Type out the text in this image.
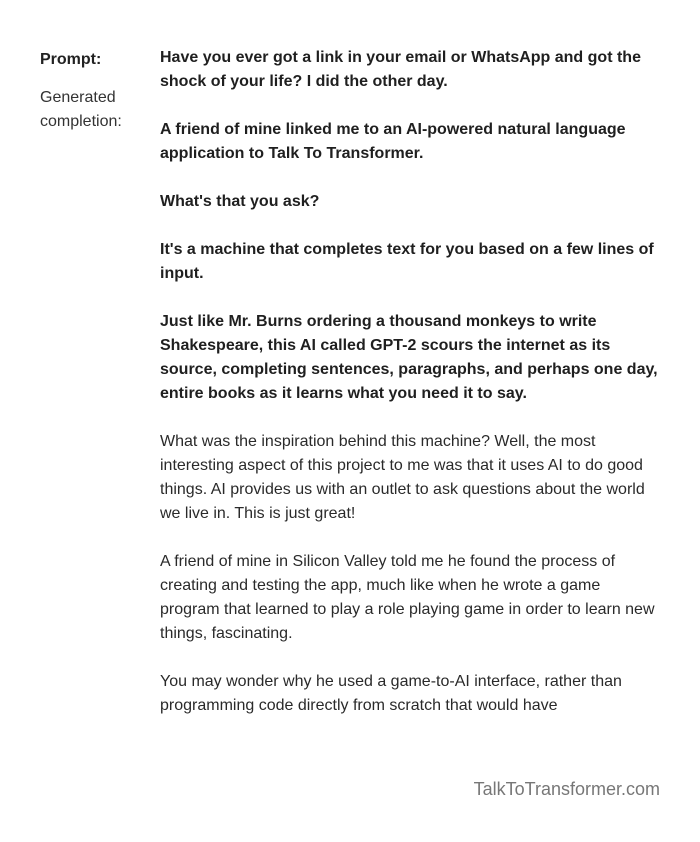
Prompt:
Generated completion:

Have you ever got a link in your email or WhatsApp and got the shock of your life? I did the other day.

A friend of mine linked me to an AI-powered natural language application to Talk To Transformer.

What's that you ask?

It's a machine that completes text for you based on a few lines of input.

Just like Mr. Burns ordering a thousand monkeys to write Shakespeare, this AI called GPT-2 scours the internet as its source, completing sentences, paragraphs, and perhaps one day, entire books as it learns what you need it to say.

What was the inspiration behind this machine? Well, the most interesting aspect of this project to me was that it uses AI to do good things. AI provides us with an outlet to ask questions about the world we live in. This is just great!

A friend of mine in Silicon Valley told me he found the process of creating and testing the app, much like when he wrote a game program that learned to play a role playing game in order to learn new things, fascinating.

You may wonder why he used a game-to-AI interface, rather than programming code directly from scratch that would have

TalkToTransformer.com
